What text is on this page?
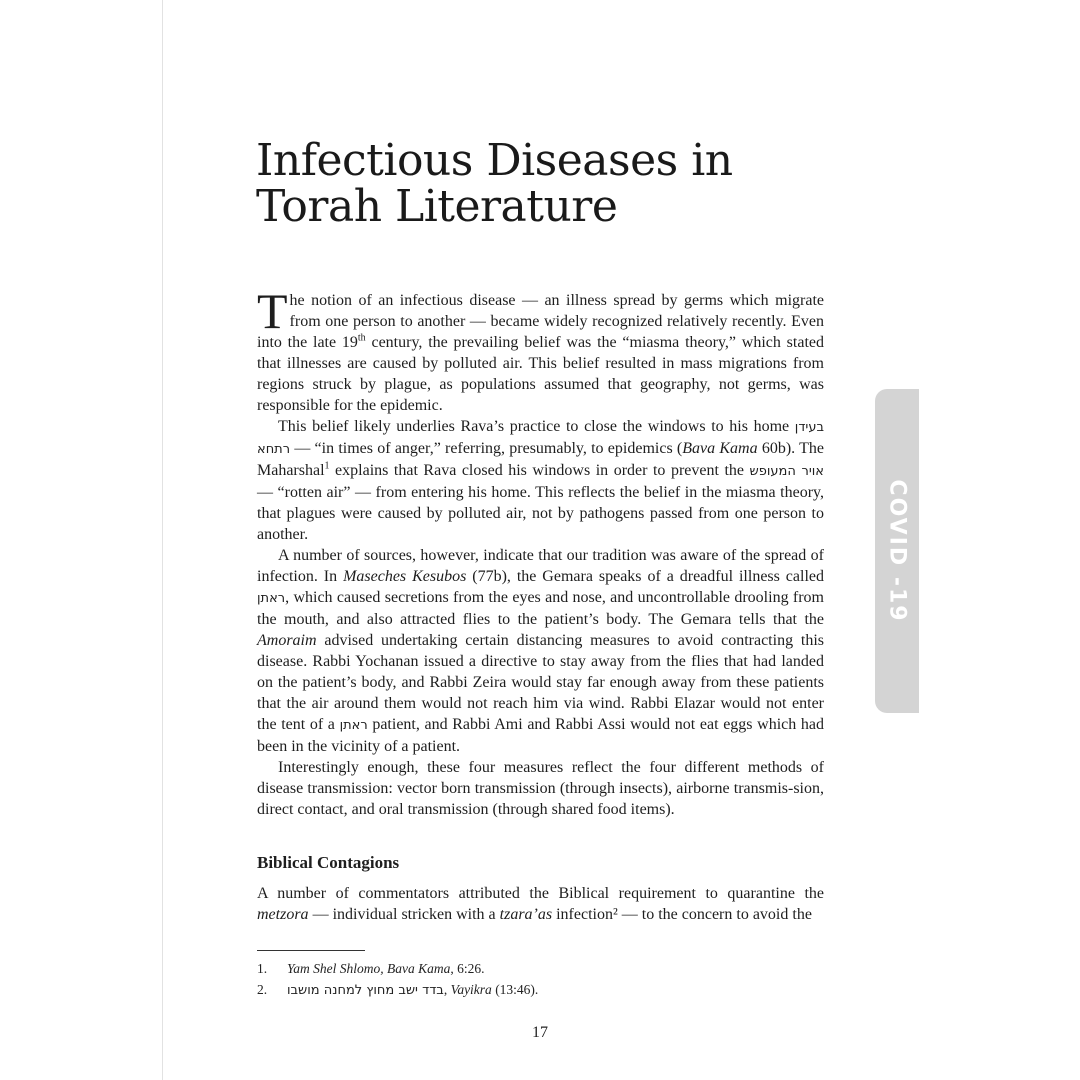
Infectious Diseases in
Torah Literature

The notion of an infectious disease — an illness spread by germs which migrate from one person to another — became widely recognized relatively recently. Even into the late 19th century, the prevailing belief was the “miasma theory,” which stated that illnesses are caused by polluted air. This belief resulted in mass migrations from regions struck by plague, as populations assumed that geography, not germs, was responsible for the epidemic.

This belief likely underlies Rava’s practice to close the windows to his home בעידן רתחא — “in times of anger,” referring, presumably, to epidemics (Bava Kama 60b). The Maharshal$^1$ explains that Rava closed his windows in order to prevent the אויר המעופש — “rotten air” — from entering his home. This reflects the belief in the miasma theory, that plagues were caused by polluted air, not by pathogens passed from one person to another.

A number of sources, however, indicate that our tradition was aware of the spread of infection. In Maseches Kesubos (77b), the Gemara speaks of a dreadful illness called ראתן, which caused secretions from the eyes and nose, and uncontrollable drooling from the mouth, and also attracted flies to the patient’s body. The Gemara tells that the Amoraim advised undertaking certain distancing measures to avoid contracting this disease. Rabbi Yochanan issued a directive to stay away from the flies that had landed on the patient’s body, and Rabbi Zeira would stay far enough away from these patients that the air around them would not reach him via wind. Rabbi Elazar would not enter the tent of a ראתן patient, and Rabbi Ami and Rabbi Assi would not eat eggs which had been in the vicinity of a patient.

Interestingly enough, these four measures reflect the four different methods of disease transmission: vector born transmission (through insects), airborne transmis-sion, direct contact, and oral transmission (through shared food items).

Biblical Contagions

A number of commentators attributed the Biblical requirement to quarantine the metzora — individual stricken with a tzara’as infection² — to the concern to avoid the

1.	Yam Shel Shlomo, Bava Kama, 6:26.
2.	בדד ישב מחוץ למחנה מושבו, Vayikra (13:46).
17
COVID -19
